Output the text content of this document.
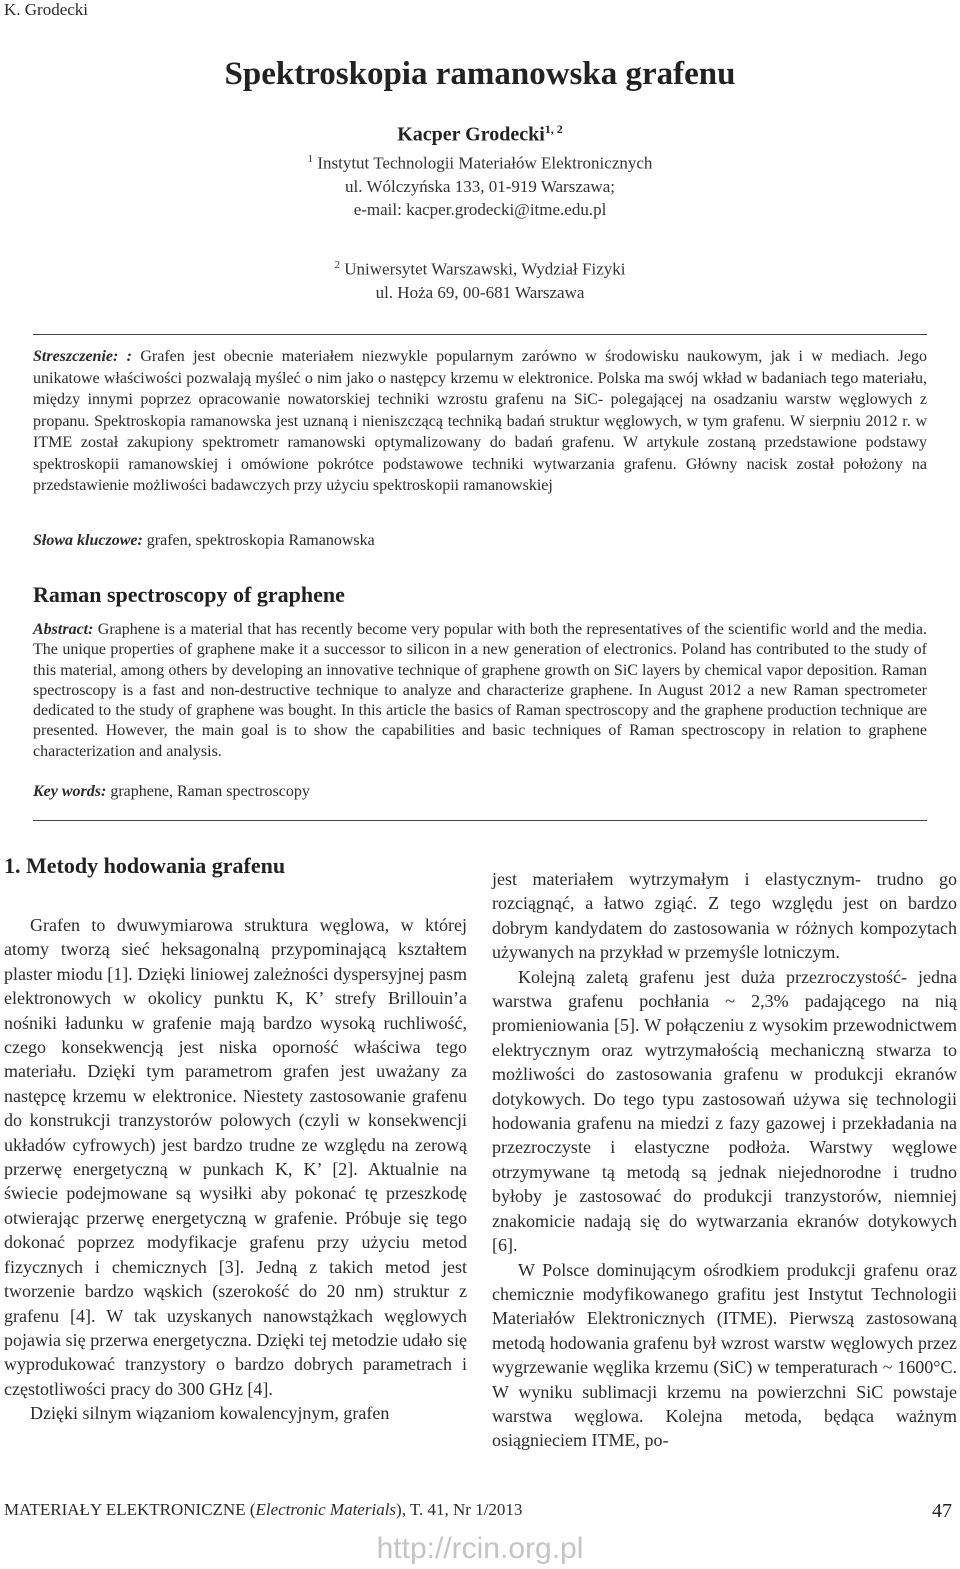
K. Grodecki
Spektroskopia ramanowska grafenu
Kacper Grodecki$^{1, 2}$
$^1$ Instytut Technologii Materiałów Elektronicznych
ul. Wólczyńska 133, 01-919 Warszawa;
e-mail: kacper.grodecki@itme.edu.pl
$^2$ Uniwersytet Warszawski, Wydział Fizyki
ul. Hoża 69, 00-681 Warszawa
Streszczenie: : Grafen jest obecnie materiałem niezwykle popularnym zarówno w środowisku naukowym, jak i w mediach. Jego unikatowe właściwości pozwalają myśleć o nim jako o następcy krzemu w elektronice. Polska ma swój wkład w badaniach tego materiału, między innymi poprzez opracowanie nowatorskiej techniki wzrostu grafenu na SiC- polegającej na osadzaniu warstw węglowych z propanu. Spektroskopia ramanowska jest uznaną i nieniszczącą techniką badań struktur węglowych, w tym grafenu. W sierpniu 2012 r. w ITME został zakupiony spektrometr ramanowski optymalizowany do badań grafenu. W artykule zostaną przedstawione podstawy spektroskopii ramanowskiej i omówione pokrótce podstawowe techniki wytwarzania grafenu. Główny nacisk został położony na przedstawienie możliwości badawczych przy użyciu spektroskopii ramanowskiej
Słowa kluczowe: grafen, spektroskopia Ramanowska
Raman spectroscopy of graphene
Abstract: Graphene is a material that has recently become very popular with both the representatives of the scientific world and the media. The unique properties of graphene make it a successor to silicon in a new generation of electronics. Poland has contributed to the study of this material, among others by developing an innovative technique of graphene growth on SiC layers by chemical vapor deposition. Raman spectroscopy is a fast and non-destructive technique to analyze and characterize graphene. In August 2012 a new Raman spectrometer dedicated to the study of graphene was bought. In this article the basics of Raman spectroscopy and the graphene production technique are presented. However, the main goal is to show the capabilities and basic techniques of Raman spectroscopy in relation to graphene characterization and analysis.
Key words: graphene, Raman spectroscopy
1. Metody hodowania grafenu

Grafen to dwuwymiarowa struktura węglowa, w której atomy tworzą sieć heksagonalną przypominającą kształtem plaster miodu [1]. Dzięki liniowej zależności dyspersyjnej pasm elektronowych w okolicy punktu K, K’ strefy Brillouin’a nośniki ładunku w grafenie mają bardzo wysoką ruchliwość, czego konsekwencją jest niska oporność właściwa tego materiału. Dzięki tym parametrom grafen jest uważany za następcę krzemu w elektronice. Niestety zastosowanie grafenu do konstrukcji tranzystorów polowych (czyli w konsekwencji układów cyfrowych) jest bardzo trudne ze względu na zerową przerwę energetyczną w punkach K, K’ [2]. Aktualnie na świecie podejmowane są wysiłki aby pokonać tę przeszkodę otwierając przerwę energetyczną w grafenie. Próbuje się tego dokonać poprzez modyfikacje grafenu przy użyciu metod fizycznych i chemicznych [3]. Jedną z takich metod jest tworzenie bardzo wąskich (szerokość do 20 nm) struktur z grafenu [4]. W tak uzyskanych nanowstążkach węglowych pojawia się przerwa energetyczna. Dzięki tej metodzie udało się wyprodukować tranzystory o bardzo dobrych parametrach i częstotliwości pracy do 300 GHz [4].

Dzięki silnym wiązaniom kowalencyjnym, grafen

jest materiałem wytrzymałym i elastycznym- trudno go rozciągnąć, a łatwo zgiąć. Z tego względu jest on bardzo dobrym kandydatem do zastosowania w różnych kompozytach używanych na przykład w przemyśle lotniczym.

Kolejną zaletą grafenu jest duża przezroczystość- jedna warstwa grafenu pochłania ~ 2,3% padającego na nią promieniowania [5]. W połączeniu z wysokim przewodnictwem elektrycznym oraz wytrzymałością mechaniczną stwarza to możliwości do zastosowania grafenu w produkcji ekranów dotykowych. Do tego typu zastosowań używa się technologii hodowania grafenu na miedzi z fazy gazowej i przekładania na przezroczyste i elastyczne podłoża. Warstwy węglowe otrzymywane tą metodą są jednak niejednorodne i trudno byłoby je zastosować do produkcji tranzystorów, niemniej znakomicie nadają się do wytwarzania ekranów dotykowych [6].

W Polsce dominującym ośrodkiem produkcji grafenu oraz chemicznie modyfikowanego grafitu jest Instytut Technologii Materiałów Elektronicznych (ITME). Pierwszą zastosowaną metodą hodowania grafenu był wzrost warstw węglowych przez wygrzewanie węglika krzemu (SiC) w temperaturach ~ 1600°C. W wyniku sublimacji krzemu na powierzchni SiC powstaje warstwa węglowa. Kolejna metoda, będąca ważnym osiągnieciem ITME, po-

MATERIAŁY ELEKTRONICZNE (Electronic Materials), T. 41, Nr 1/2013	47
http://rcin.org.pl
